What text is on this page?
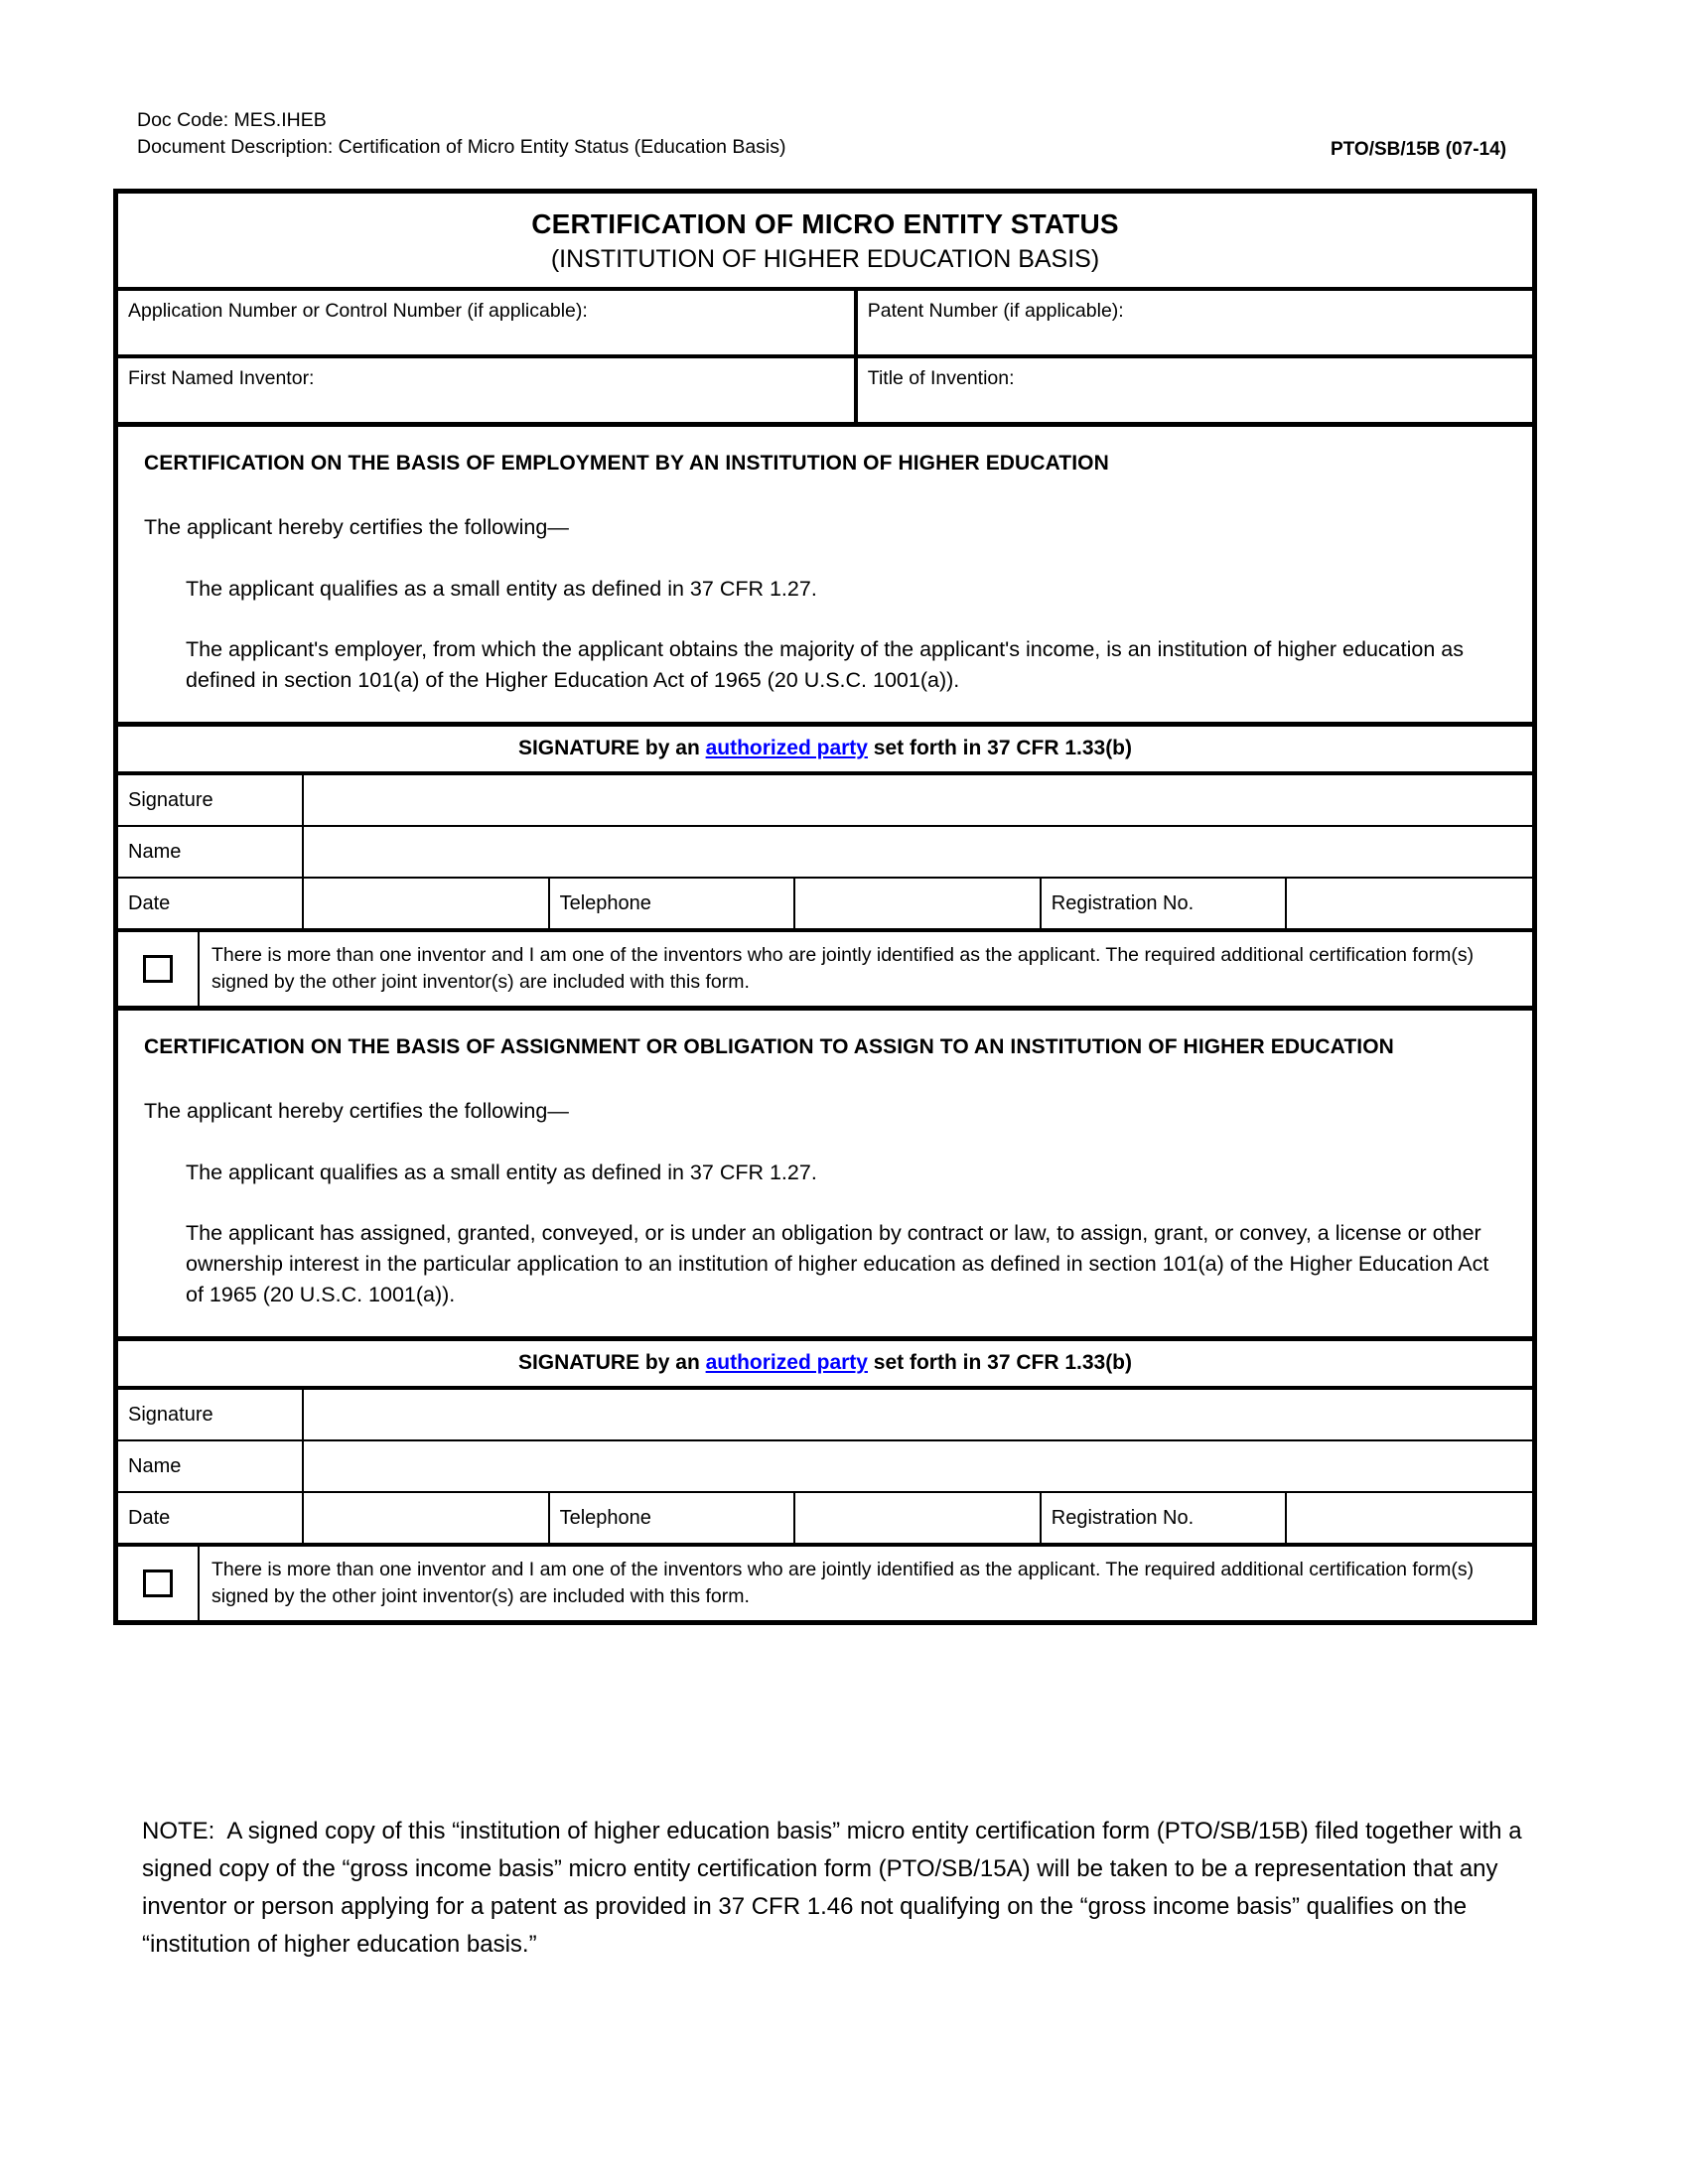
Doc Code: MES.IHEB
Document Description: Certification of Micro Entity Status (Education Basis)	PTO/SB/15B (07-14)
CERTIFICATION OF MICRO ENTITY STATUS
(INSTITUTION OF HIGHER EDUCATION BASIS)
Application Number or Control Number (if applicable):	Patent Number (if applicable):
First Named Inventor:	Title of Invention:
CERTIFICATION ON THE BASIS OF EMPLOYMENT BY AN INSTITUTION OF HIGHER EDUCATION
The applicant hereby certifies the following—
The applicant qualifies as a small entity as defined in 37 CFR 1.27.
The applicant's employer, from which the applicant obtains the majority of the applicant's income, is an institution of higher education as defined in section 101(a) of the Higher Education Act of 1965 (20 U.S.C. 1001(a)).
SIGNATURE by an authorized party set forth in 37 CFR 1.33(b)
Signature					
Name					
Date		Telephone		Registration No.	
There is more than one inventor and I am one of the inventors who are jointly identified as the applicant. The required additional certification form(s) signed by the other joint inventor(s) are included with this form.
CERTIFICATION ON THE BASIS OF ASSIGNMENT OR OBLIGATION TO ASSIGN TO AN INSTITUTION OF HIGHER EDUCATION
The applicant hereby certifies the following—
The applicant qualifies as a small entity as defined in 37 CFR 1.27.
The applicant has assigned, granted, conveyed, or is under an obligation by contract or law, to assign, grant, or convey, a license or other ownership interest in the particular application to an institution of higher education as defined in section 101(a) of the Higher Education Act of 1965 (20 U.S.C. 1001(a)).
SIGNATURE by an authorized party set forth in 37 CFR 1.33(b)
Signature					
Name					
Date		Telephone		Registration No.	
There is more than one inventor and I am one of the inventors who are jointly identified as the applicant. The required additional certification form(s) signed by the other joint inventor(s) are included with this form.
NOTE:  A signed copy of this “institution of higher education basis” micro entity certification form (PTO/SB/15B) filed together with a signed copy of the “gross income basis” micro entity certification form (PTO/SB/15A) will be taken to be a representation that any inventor or person applying for a patent as provided in 37 CFR 1.46 not qualifying on the “gross income basis” qualifies on the “institution of higher education basis.”
